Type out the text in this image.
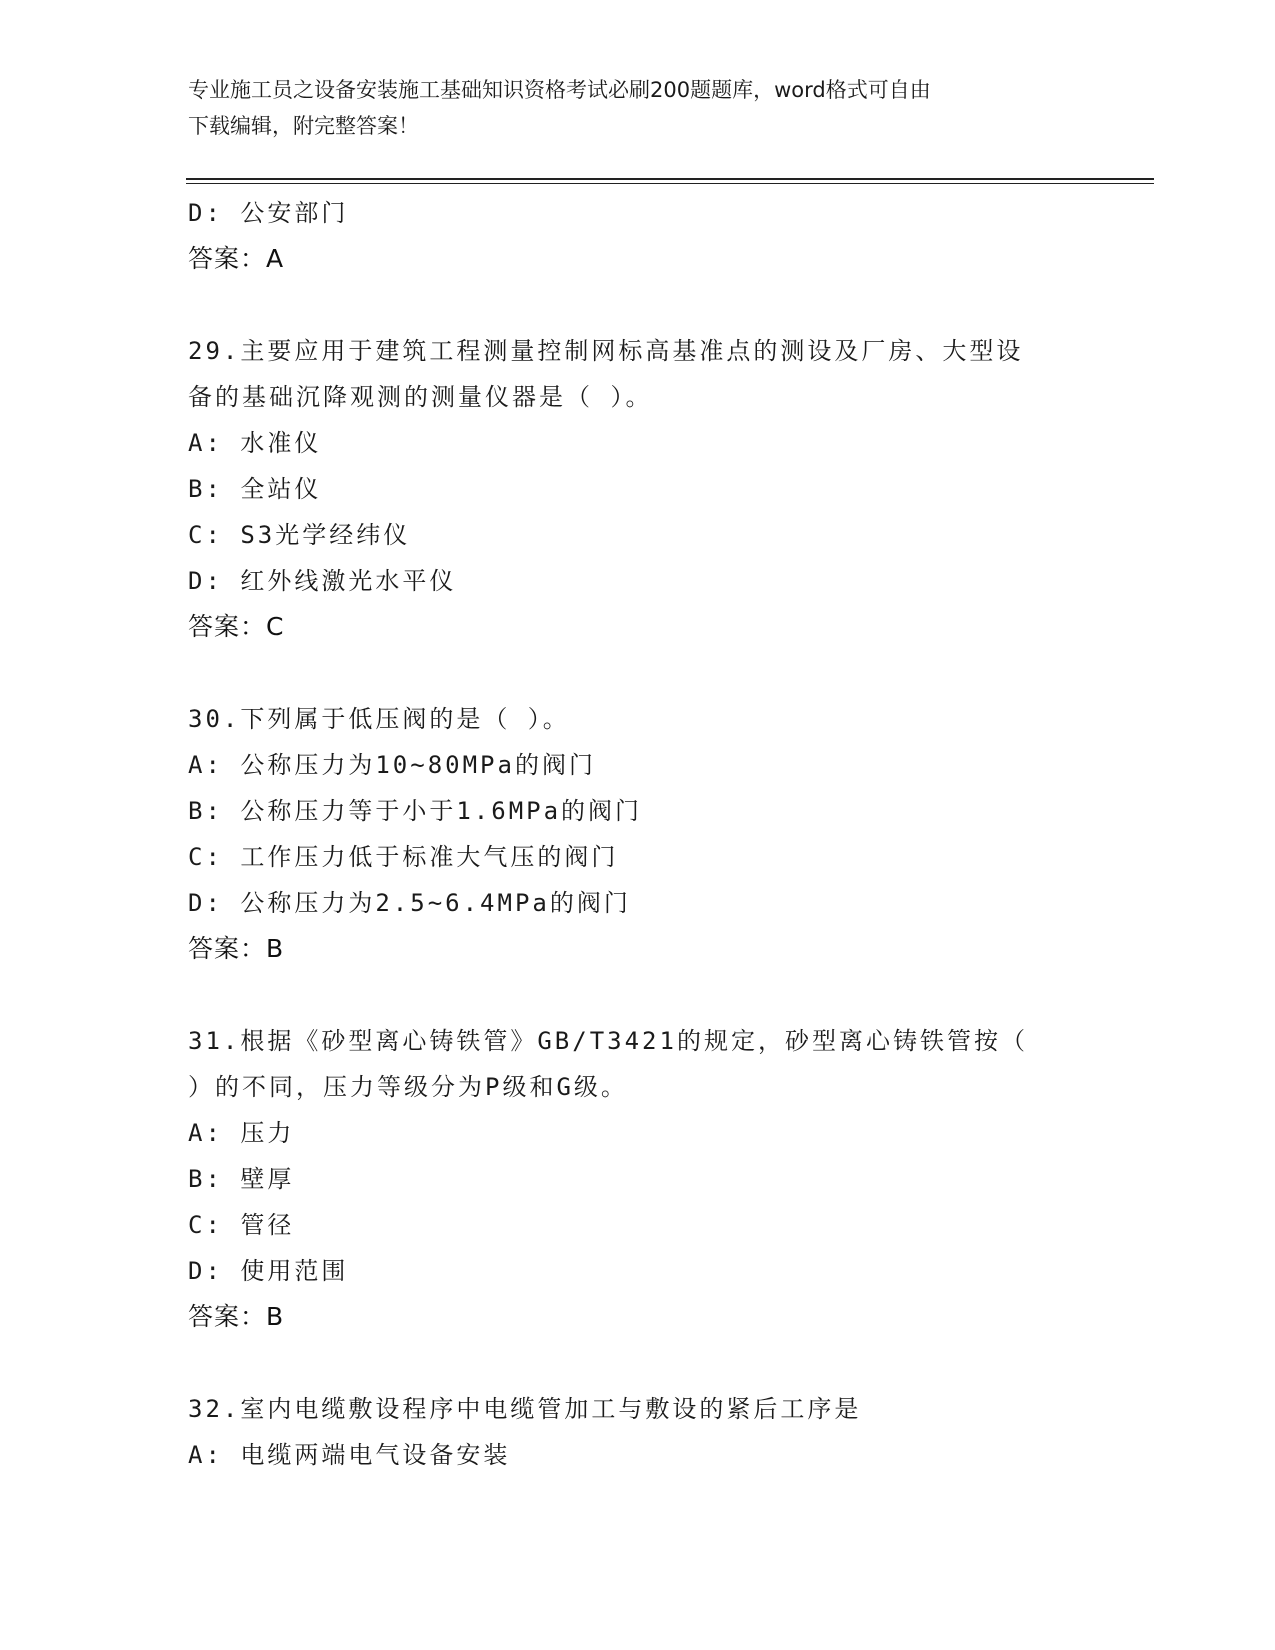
专业施工员之设备安装施工基础知识资格考试必刷200题题库，word格式可自由
下载编辑，附完整答案！
D: 公安部门
答案：A
29.主要应用于建筑工程测量控制网标高基准点的测设及厂房、大型设
备的基础沉降观测的测量仪器是（ ）。
A: 水准仪
B: 全站仪
C: S3光学经纬仪
D: 红外线激光水平仪
答案：C
30.下列属于低压阀的是（ ）。
A: 公称压力为10~80MPa的阀门
B: 公称压力等于小于1.6MPa的阀门
C: 工作压力低于标准大气压的阀门
D: 公称压力为2.5~6.4MPa的阀门
答案：B
31.根据《砂型离心铸铁管》GB/T3421的规定，砂型离心铸铁管按（
）的不同，压力等级分为P级和G级。
A: 压力
B: 壁厚
C: 管径
D: 使用范围
答案：B
32.室内电缆敷设程序中电缆管加工与敷设的紧后工序是
A: 电缆两端电气设备安装
